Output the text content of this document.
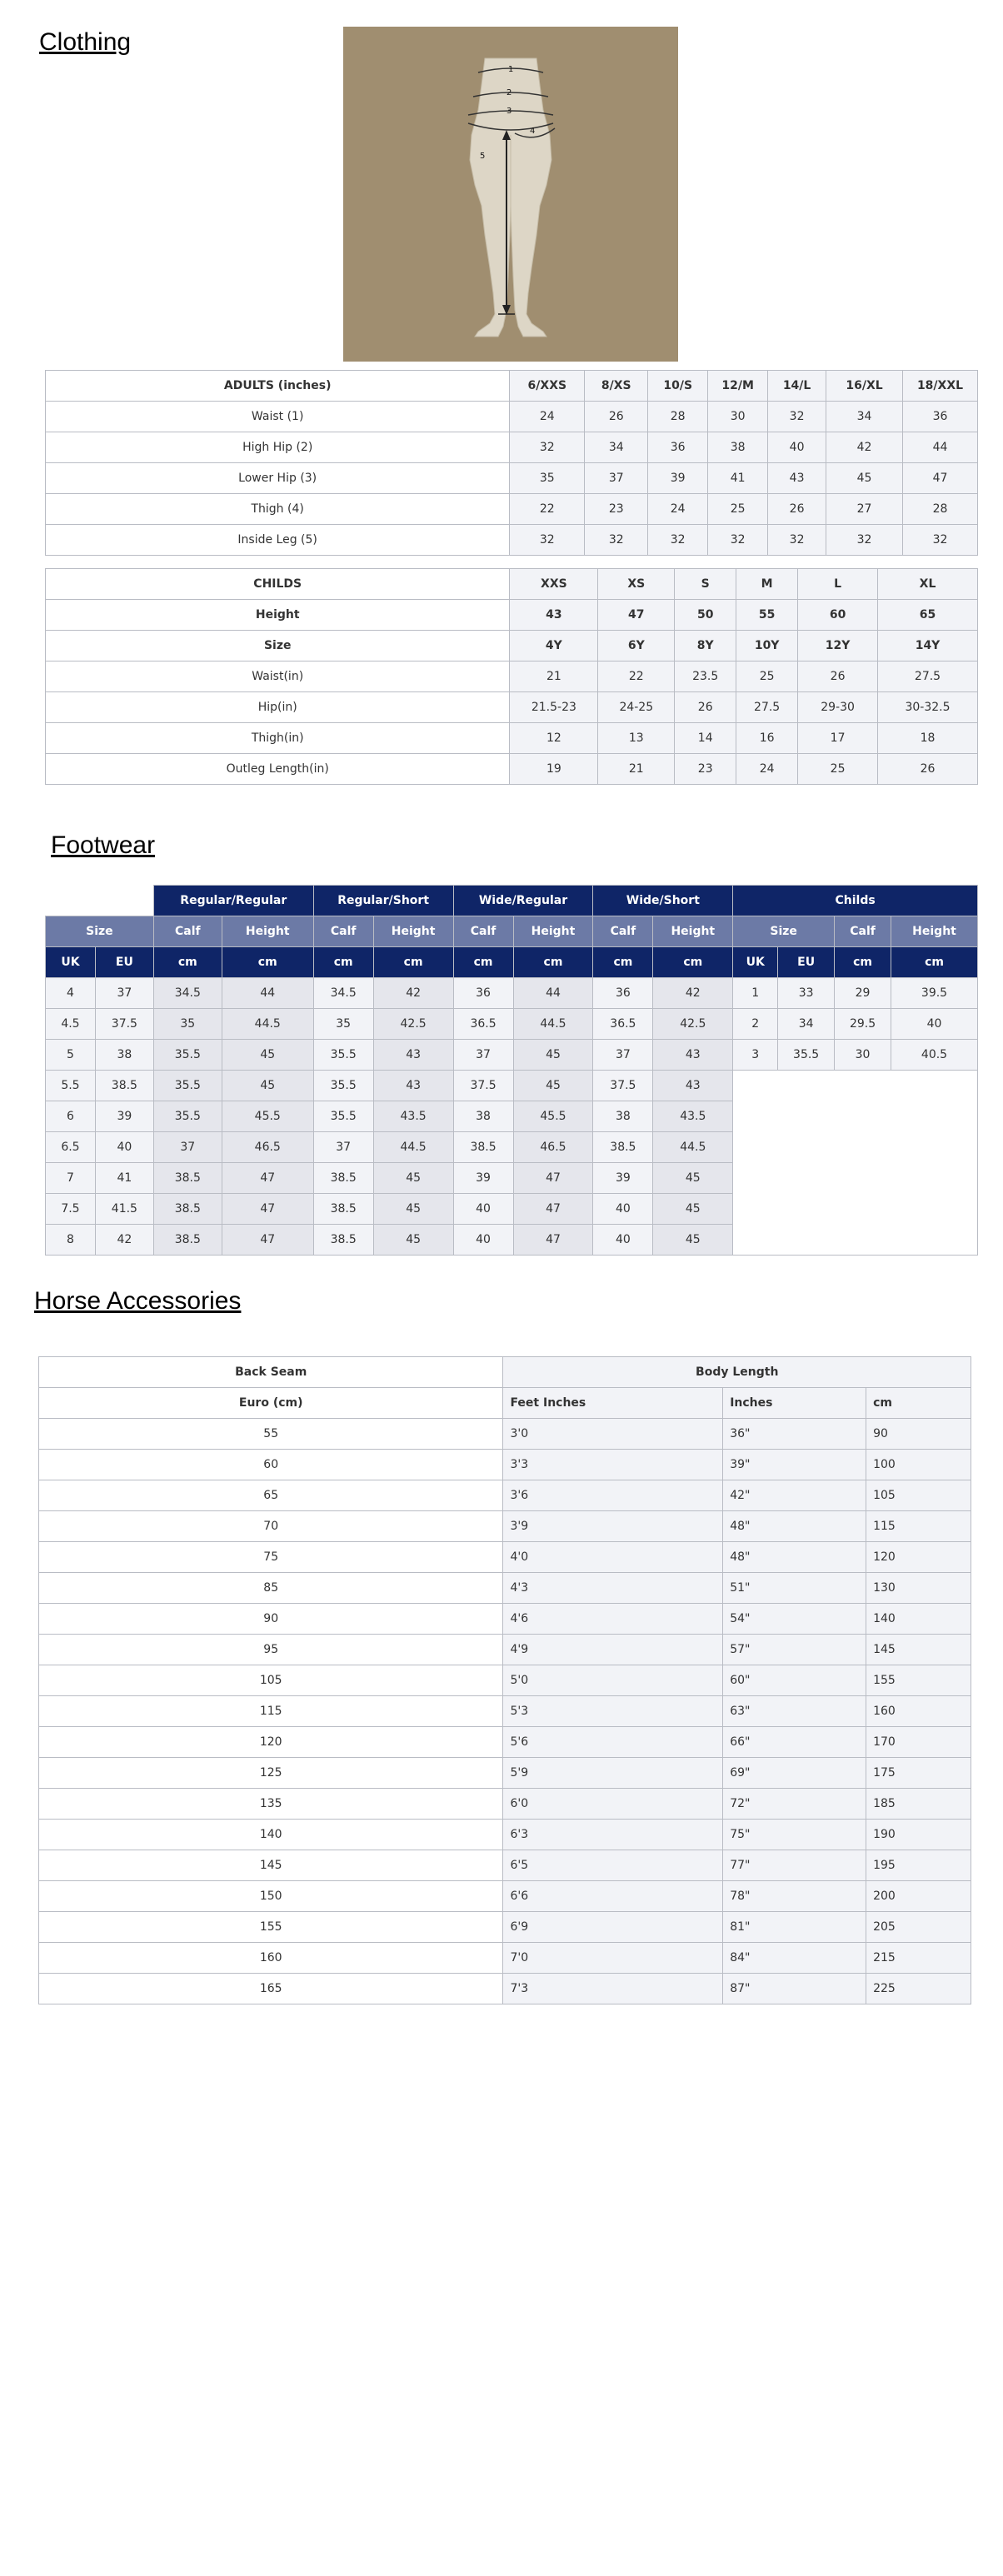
Clothing
1
2
3
4
5
ADULTS (inches)	6/XXS	8/XS	10/S	12/M	14/L	16/XL	18/XXL
Waist (1)	24	26	28	30	32	34	36
High Hip (2)	32	34	36	38	40	42	44
Lower Hip (3)	35	37	39	41	43	45	47
Thigh (4)	22	23	24	25	26	27	28
Inside Leg (5)	32	32	32	32	32	32	32
CHILDS	XXS	XS	S	M	L	XL
Height	43	47	50	55	60	65
Size	4Y	6Y	8Y	10Y	12Y	14Y
Waist(in)	21	22	23.5	25	26	27.5
Hip(in)	21.5-23	24-25	26	27.5	29-30	30-32.5
Thigh(in)	12	13	14	16	17	18
Outleg Length(in)	19	21	23	24	25	26
Footwear
		Regular/Regular		Regular/Short		Wide/Regular		Wide/Short		Childs			
Size		Calf	Height	Calf	Height	Calf	Height	Calf	Height	Size		Calf	Height
UK	EU	cm	cm	cm	cm	cm	cm	cm	cm	UK	EU	cm	cm
4	37	34.5	44	34.5	42	36	44	36	42	1	33	29	39.5
4.5	37.5	35	44.5	35	42.5	36.5	44.5	36.5	42.5	2	34	29.5	40
5	38	35.5	45	35.5	43	37	45	37	43	3	35.5	30	40.5
5.5	38.5	35.5	45	35.5	43	37.5	45	37.5	43				
6	39	35.5	45.5	35.5	43.5	38	45.5	38	43.5				
6.5	40	37	46.5	37	44.5	38.5	46.5	38.5	44.5				
7	41	38.5	47	38.5	45	39	47	39	45				
7.5	41.5	38.5	47	38.5	45	40	47	40	45				
8	42	38.5	47	38.5	45	40	47	40	45				
Horse Accessories
Back Seam	Body Length		
Euro (cm)	Feet Inches	Inches	cm
55	3'0	36"	90
60	3'3	39"	100
65	3'6	42"	105
70	3'9	48"	115
75	4'0	48"	120
85	4'3	51"	130
90	4'6	54"	140
95	4'9	57"	145
105	5'0	60"	155
115	5'3	63"	160
120	5'6	66"	170
125	5'9	69"	175
135	6'0	72"	185
140	6'3	75"	190
145	6'5	77"	195
150	6'6	78"	200
155	6'9	81"	205
160	7'0	84"	215
165	7'3	87"	225
